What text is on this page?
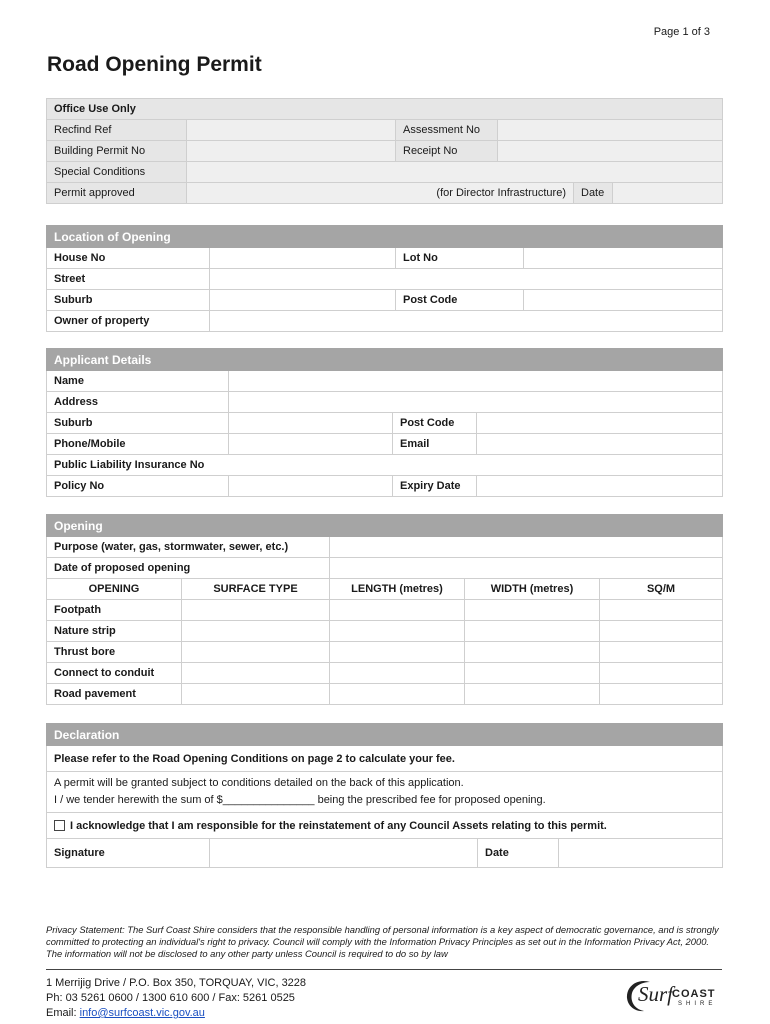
Page 1 of 3
Road Opening Permit
Office Use Only					
Recfind Ref		Assessment No			
Building Permit No		Receipt No			
Special Conditions					
Permit approved	(for Director Infrastructure)			Date	
Location of Opening			
House No		Lot No	
Street			
Suburb		Post Code	
Owner of property			
Applicant Details			
Name			
Address			
Suburb		Post Code	
Phone/Mobile		Email	
Public Liability Insurance No			
Policy No		Expiry Date	
Opening				
Purpose (water, gas, stormwater, sewer, etc.)				
Date of proposed opening				
OPENING	SURFACE TYPE	LENGTH (metres)	WIDTH (metres)	SQ/M
Footpath				
Nature strip				
Thrust bore				
Connect to conduit				
Road pavement				
Declaration
Please refer to the Road Opening Conditions on page 2 to calculate your fee.
A permit will be granted subject to conditions detailed on the back of this application.
I / we tender herewith the sum of $_______________ being the prescribed fee for proposed opening.
I acknowledge that I am responsible for the reinstatement of any Council Assets relating to this permit.
Signature		Date	
Privacy Statement: The Surf Coast Shire considers that the responsible handling of personal information is a key aspect of democratic governance, and is strongly committed to protecting an individual's right to privacy. Council will comply with the Information Privacy Principles as set out in the Information Privacy Act, 2000. The information will not be disclosed to any other party unless Council is required to do so by law
1 Merrijig Drive / P.O. Box 350, TORQUAY, VIC, 3228
Ph: 03 5261 0600 / 1300 610 600 / Fax: 5261 0525
Email: info@surfcoast.vic.gov.au
Surf
COAST
SHIRE
